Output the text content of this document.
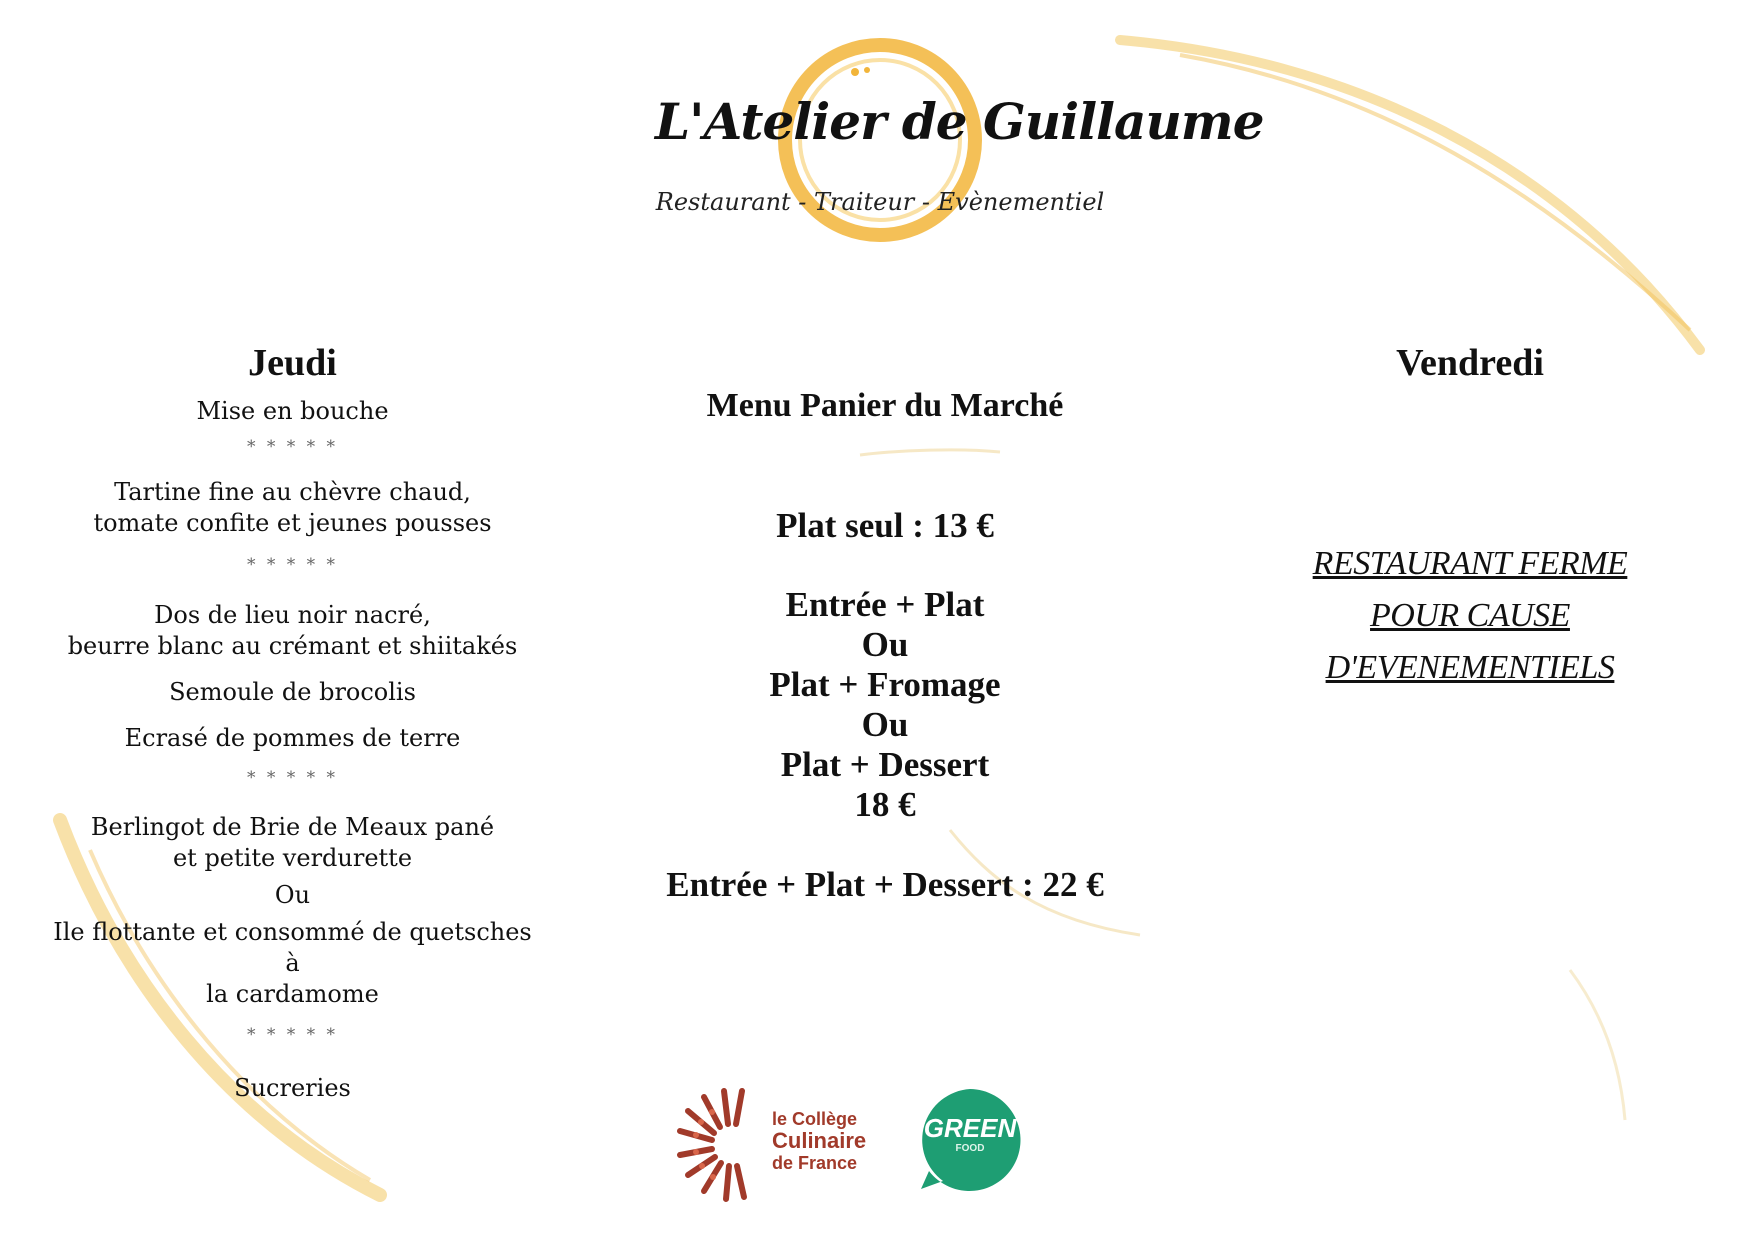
L'Atelier de Guillaume
Restaurant - Traiteur - Evènementiel

Jeudi

Mise en bouche

* * * * *

Tartine fine au chèvre chaud,

tomate confite et jeunes pousses

* * * * *

Dos de lieu noir nacré,

beurre blanc au crémant et shiitakés

Semoule de brocolis

Ecrasé de pommes de terre

* * * * *

Berlingot de Brie de Meaux pané

et petite verdurette

Ou

Ile flottante et consommé de quetsches à

la cardamome

* * * * *

Sucreries

Menu Panier du Marché

Plat seul : 13 €

Entrée + Plat

Ou

Plat + Fromage

Ou

Plat + Dessert

18 €

Entrée + Plat + Dessert : 22 €

Vendredi

RESTAURANT FERME

POUR CAUSE

D'EVENEMENTIELS

le Collège
Culinaire
de France
GREEN
FOOD
